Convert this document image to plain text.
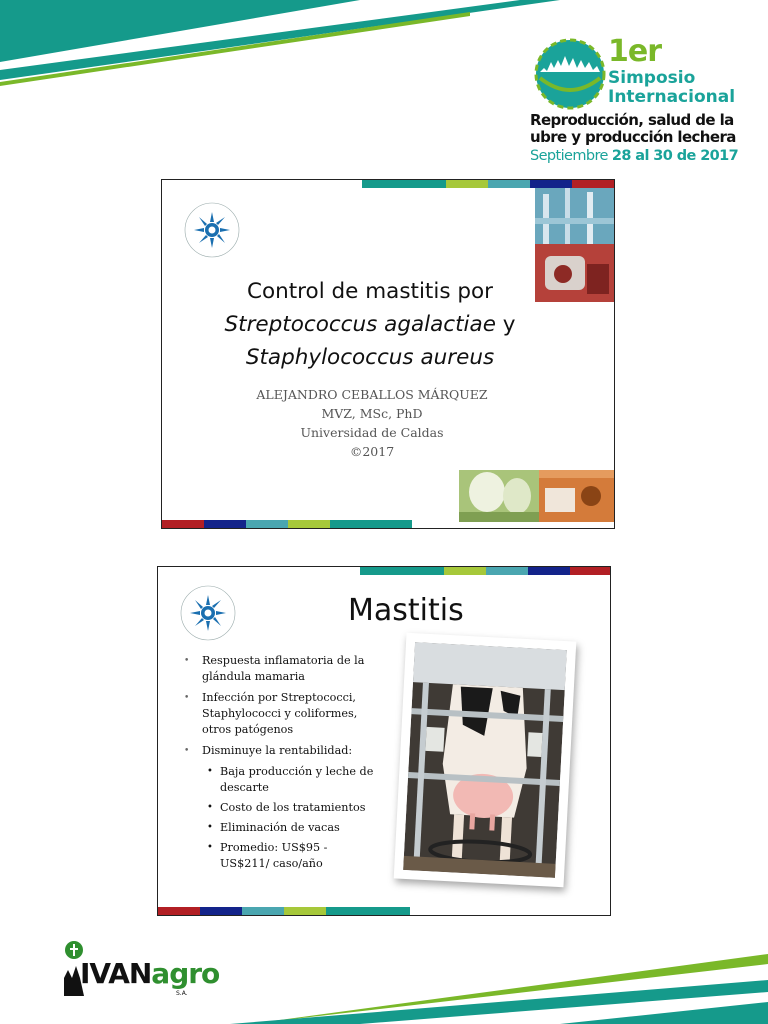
1er
Simposio
Internacional
Reproducción, salud de la
ubre y producción lechera
Septiembre 28 al 30 de 2017
Control de mastitis por
Streptococcus agalactiae y
Staphylococcus aureus
ALEJANDRO CEBALLOS MÁRQUEZ
MVZ, MSc, PhD
Universidad de Caldas
©2017
Mastitis
• Respuesta inﬂamatoria de la glándula mamaria
• Infección por Streptococci, Staphylococci y coliformes, otros patógenos
• Disminuye la rentabilidad:
• Baja producción y leche de descarte
• Costo de los tratamientos
• Eliminación de vacas
• Promedio: US$95 - US$211/ caso/año
IVANagro
S.A.
